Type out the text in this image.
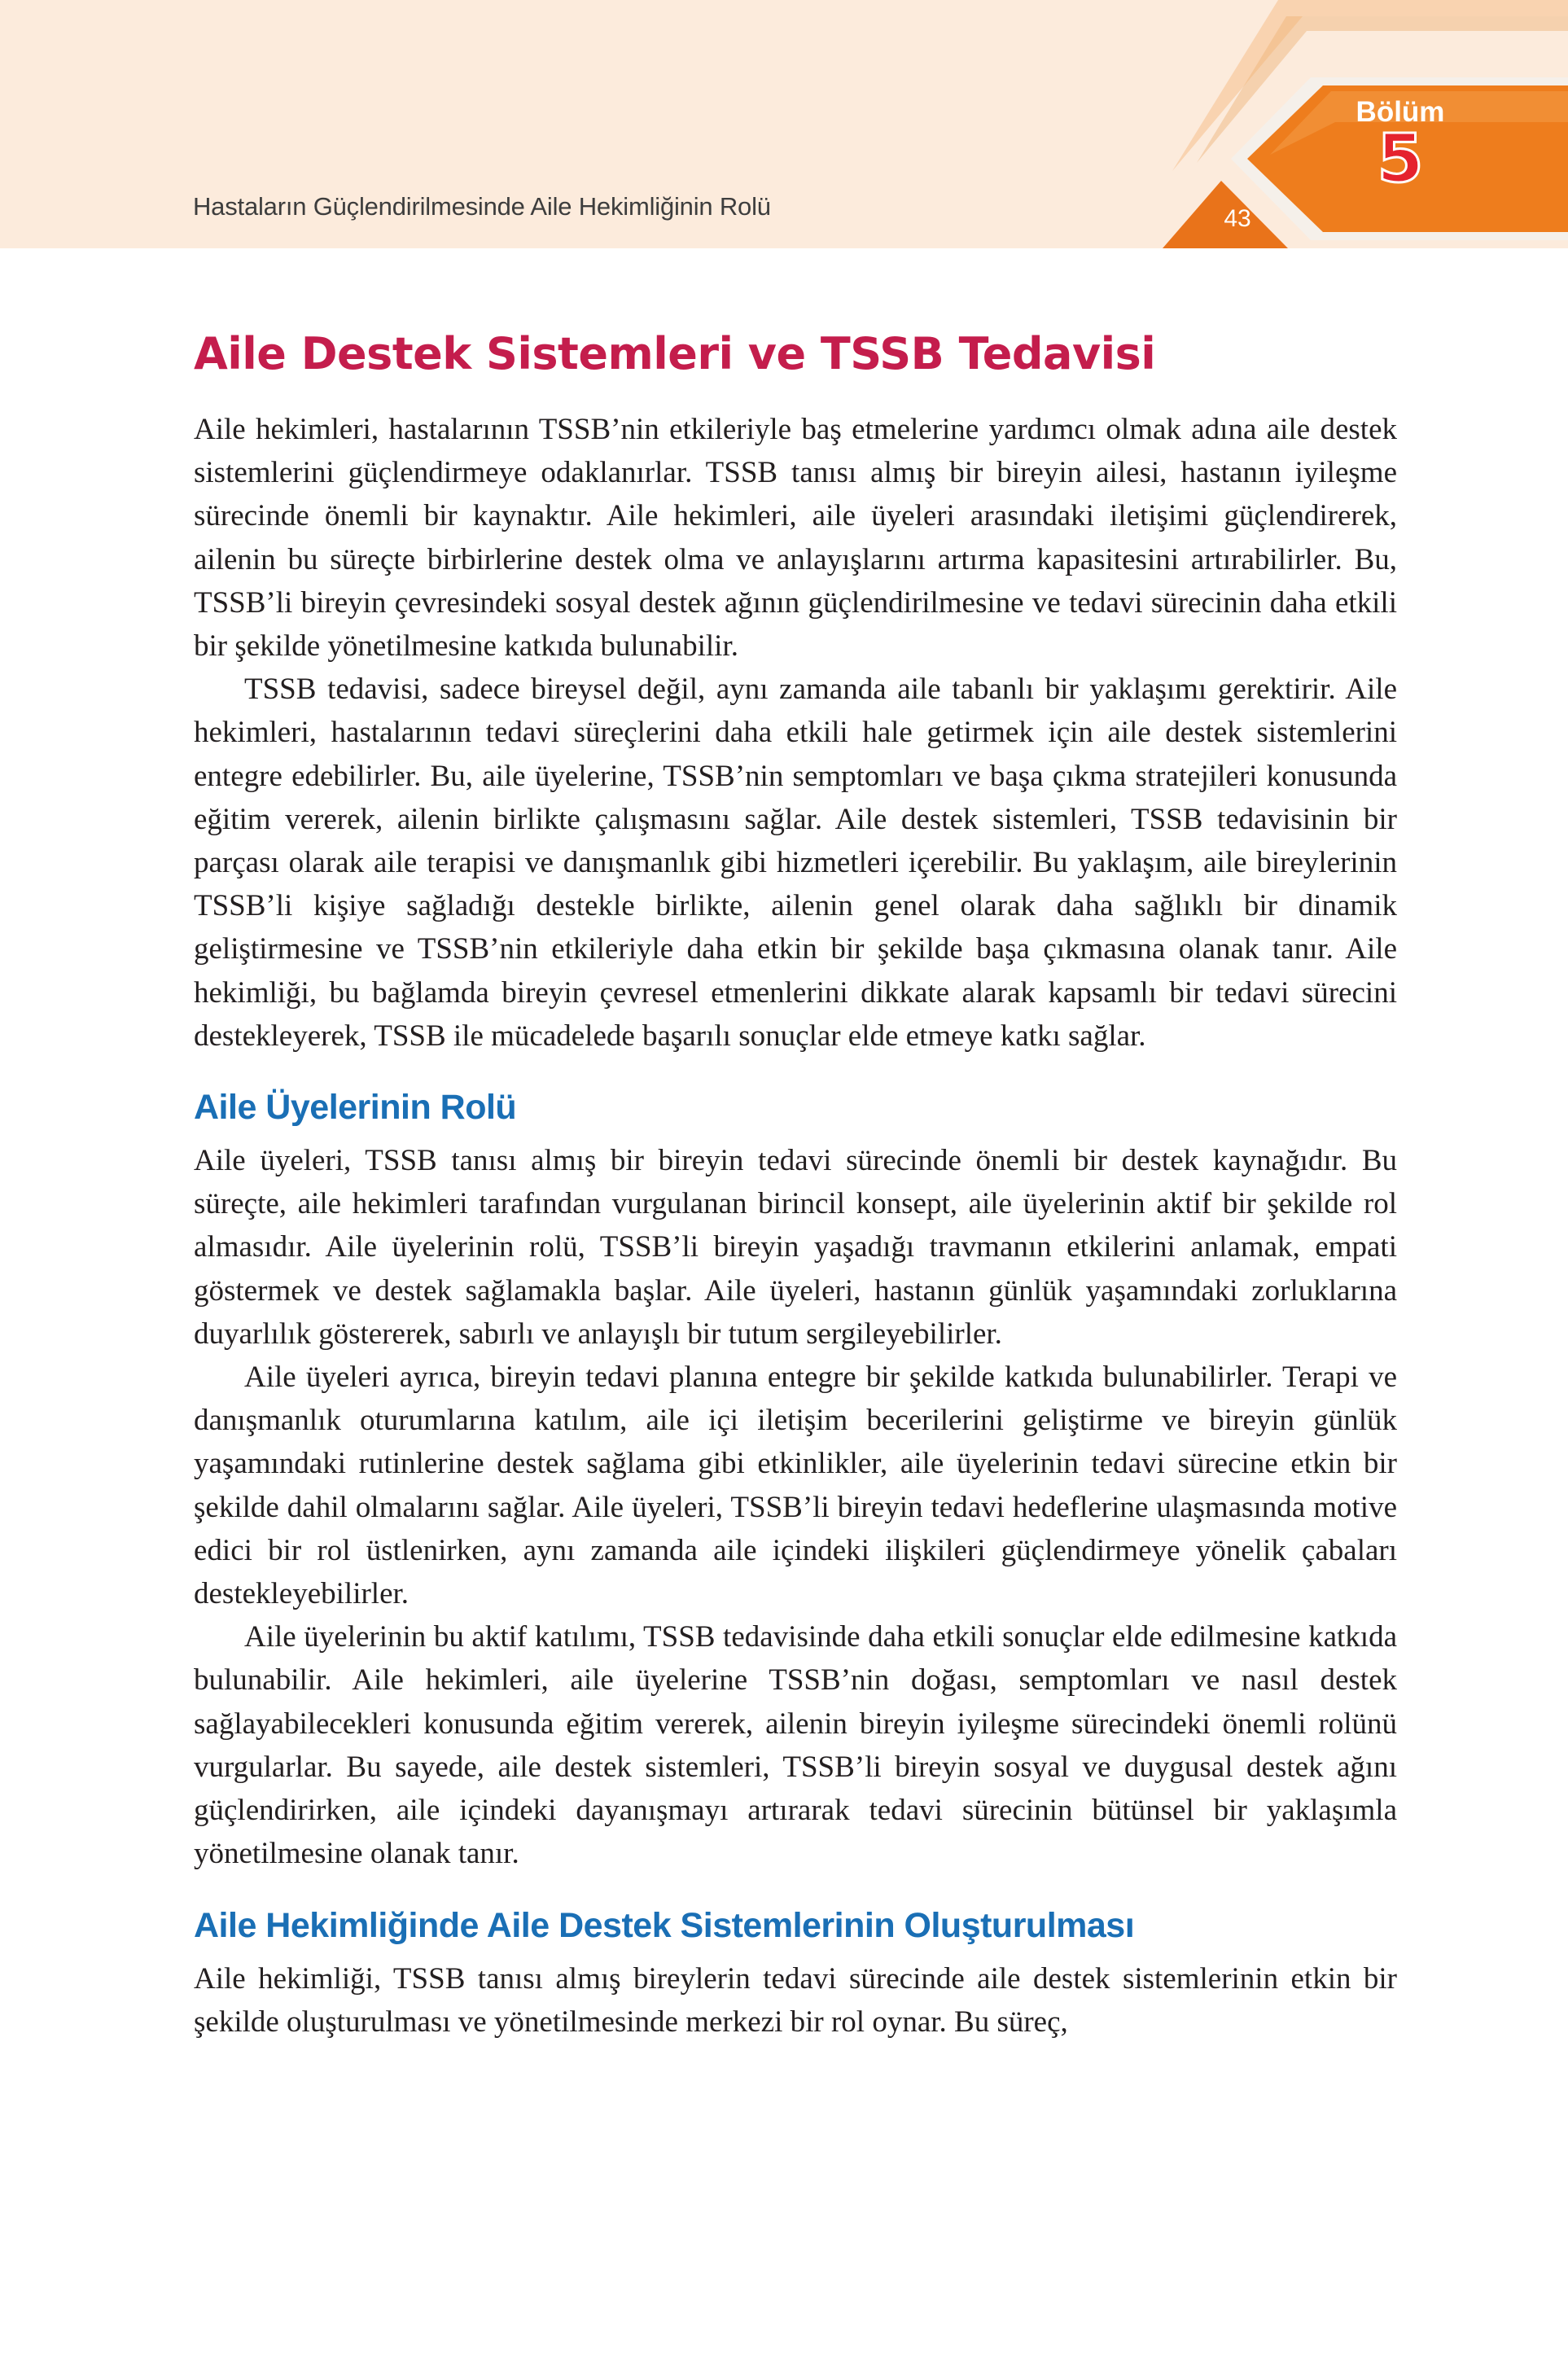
Hastaların Güçlendirilmesinde Aile Hekimliğinin Rolü	43
Bölüm
5
Aile Destek Sistemleri ve TSSB Tedavisi

Aile hekimleri, hastalarının TSSB’nin etkileriyle baş etmelerine yardımcı olmak adına aile destek sistemlerini güçlendirmeye odaklanırlar. TSSB tanısı almış bir bireyin ailesi, hastanın iyileşme sürecinde önemli bir kaynaktır. Aile hekimleri, aile üyeleri arasındaki iletişimi güçlendirerek, ailenin bu süreçte birbirlerine destek olma ve anlayışlarını artırma kapasitesini artırabilirler. Bu, TSSB’li bireyin çevresindeki sosyal destek ağının güçlendirilmesine ve tedavi sürecinin daha etkili bir şekilde yönetilmesine katkıda bulunabilir.

TSSB tedavisi, sadece bireysel değil, aynı zamanda aile tabanlı bir yaklaşımı gerektirir. Aile hekimleri, hastalarının tedavi süreçlerini daha etkili hale getirmek için aile destek sistemlerini entegre edebilirler. Bu, aile üyelerine, TSSB’nin semptomları ve başa çıkma stratejileri konusunda eğitim vererek, ailenin birlikte çalışmasını sağlar. Aile destek sistemleri, TSSB tedavisinin bir parçası olarak aile terapisi ve danışmanlık gibi hizmetleri içerebilir. Bu yaklaşım, aile bireylerinin TSSB’li kişiye sağladığı destekle birlikte, ailenin genel olarak daha sağlıklı bir dinamik geliştirmesine ve TSSB’nin etkileriyle daha etkin bir şekilde başa çıkmasına olanak tanır. Aile hekimliği, bu bağlamda bireyin çevresel etmenlerini dikkate alarak kapsamlı bir tedavi sürecini destekleyerek, TSSB ile mücadelede başarılı sonuçlar elde etmeye katkı sağlar.

Aile Üyelerinin Rolü

Aile üyeleri, TSSB tanısı almış bir bireyin tedavi sürecinde önemli bir destek kaynağıdır. Bu süreçte, aile hekimleri tarafından vurgulanan birincil konsept, aile üyelerinin aktif bir şekilde rol almasıdır. Aile üyelerinin rolü, TSSB’li bireyin yaşadığı travmanın etkilerini anlamak, empati göstermek ve destek sağlamakla başlar. Aile üyeleri, hastanın günlük yaşamındaki zorluklarına duyarlılık göstererek, sabırlı ve anlayışlı bir tutum sergileyebilirler.

Aile üyeleri ayrıca, bireyin tedavi planına entegre bir şekilde katkıda bulunabilirler. Terapi ve danışmanlık oturumlarına katılım, aile içi iletişim becerilerini geliştirme ve bireyin günlük yaşamındaki rutinlerine destek sağlama gibi etkinlikler, aile üyelerinin tedavi sürecine etkin bir şekilde dahil olmalarını sağlar. Aile üyeleri, TSSB’li bireyin tedavi hedeflerine ulaşmasında motive edici bir rol üstlenirken, aynı zamanda aile içindeki ilişkileri güçlendirmeye yönelik çabaları destekleyebilirler.

Aile üyelerinin bu aktif katılımı, TSSB tedavisinde daha etkili sonuçlar elde edilmesine katkıda bulunabilir. Aile hekimleri, aile üyelerine TSSB’nin doğası, semptomları ve nasıl destek sağlayabilecekleri konusunda eğitim vererek, ailenin bireyin iyileşme sürecindeki önemli rolünü vurgularlar. Bu sayede, aile destek sistemleri, TSSB’li bireyin sosyal ve duygusal destek ağını güçlendirirken, aile içindeki dayanışmayı artırarak tedavi sürecinin bütünsel bir yaklaşımla yönetilmesine olanak tanır.

Aile Hekimliğinde Aile Destek Sistemlerinin Oluşturulması

Aile hekimliği, TSSB tanısı almış bireylerin tedavi sürecinde aile destek sistemlerinin etkin bir şekilde oluşturulması ve yönetilmesinde merkezi bir rol oynar. Bu süreç,
